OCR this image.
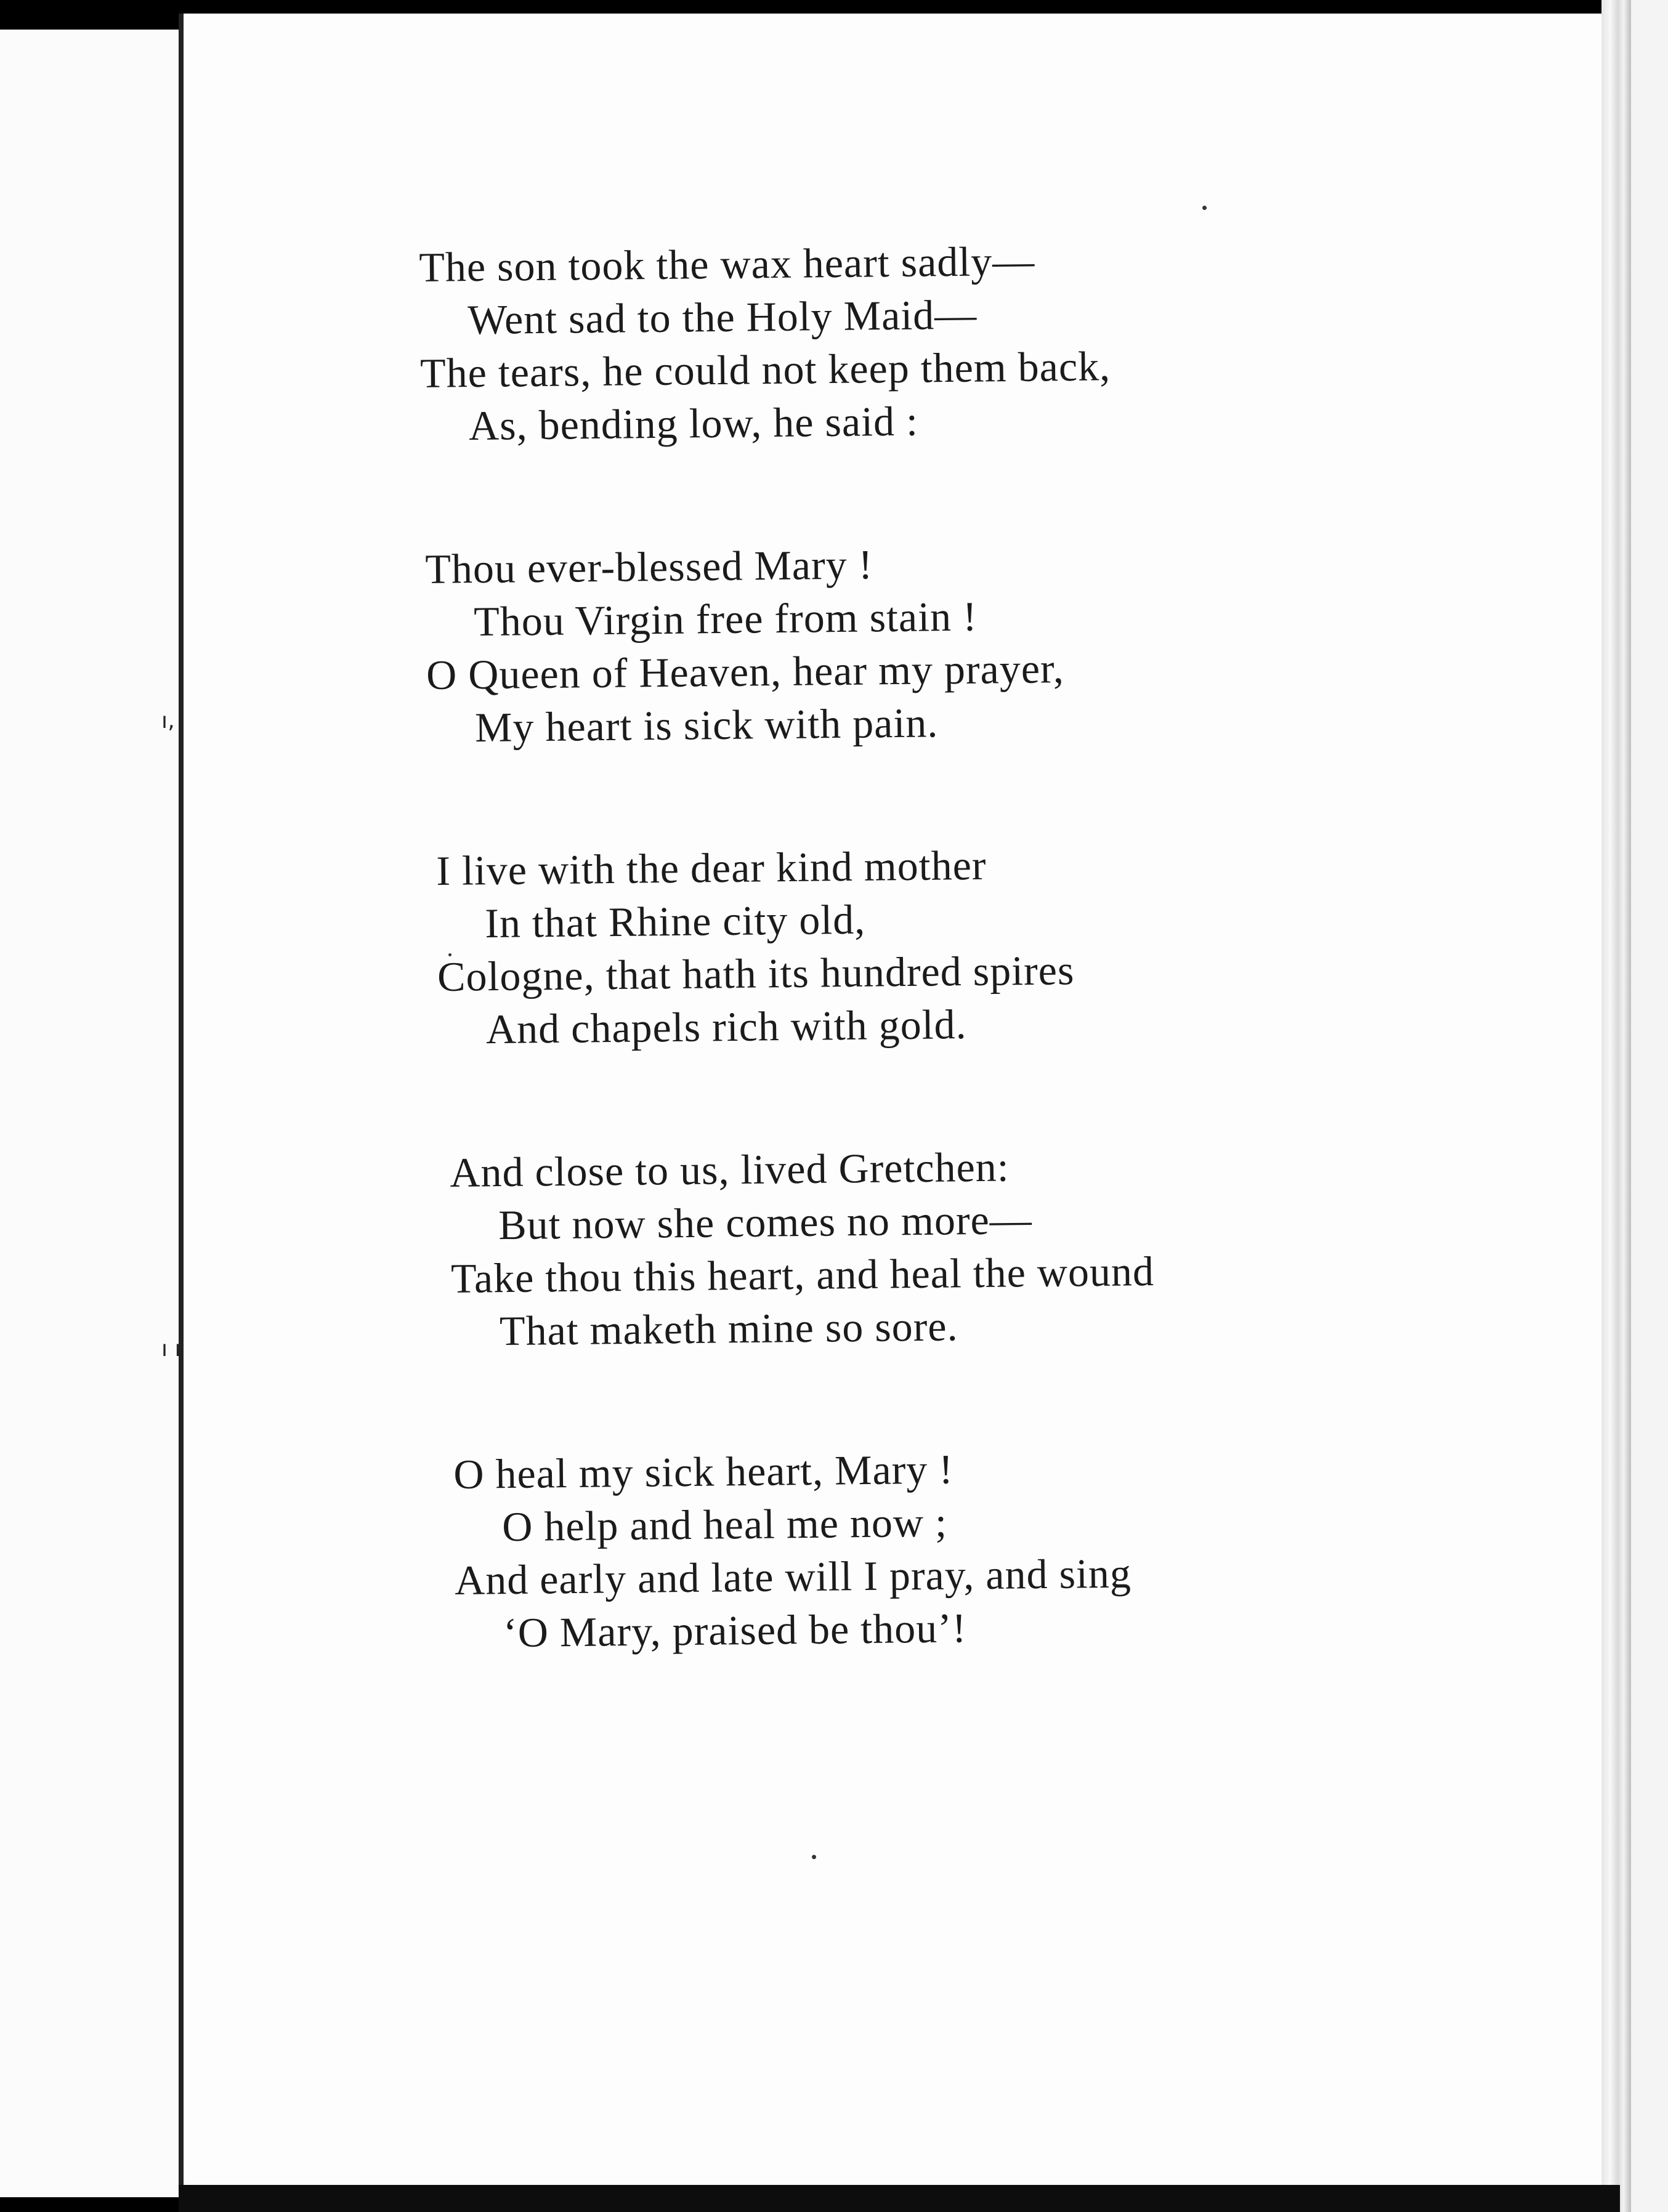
ı‚
ı ı
The son took the wax heart sadly—
Went sad to the Holy Maid—
The tears, he could not keep them back,
As, bending low, he said :
Thou ever-blessed Mary !
Thou Virgin free from stain !
O Queen of Heaven, hear my prayer,
My heart is sick with pain.
I live with the dear kind mother
In that Rhine city old,
Cologne, that hath its hundred spires
And chapels rich with gold.
And close to us, lived Gretchen:
But now she comes no more—
Take thou this heart, and heal the wound
That maketh mine so sore.
O heal my sick heart, Mary !
O help and heal me now ;
And early and late will I pray, and sing
‘O Mary, praised be thou’!
